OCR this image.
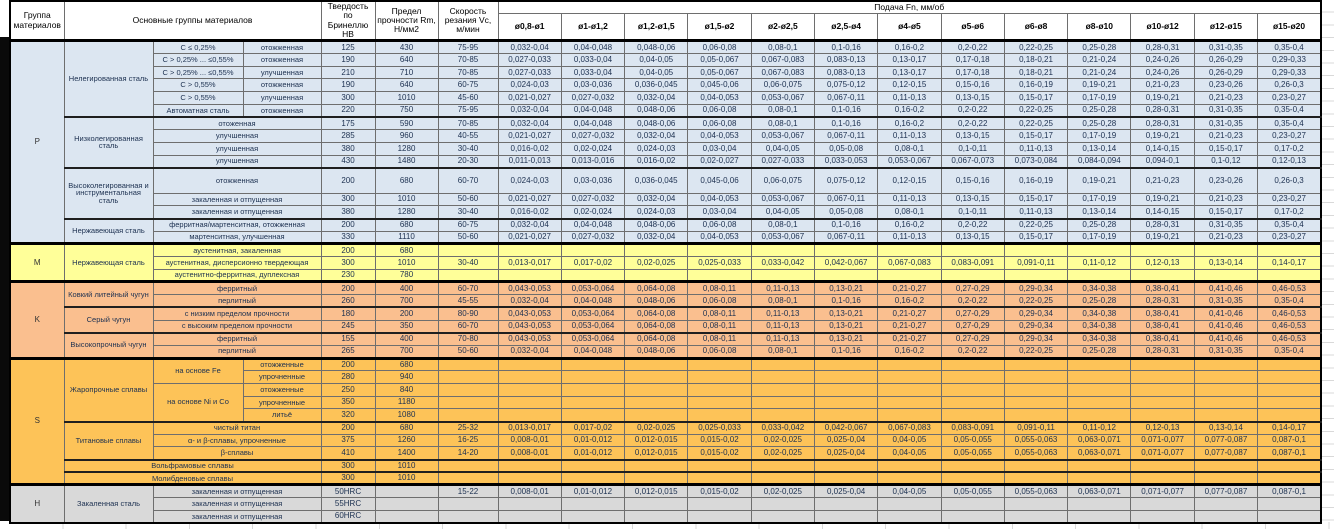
Группа материалов	Основные группы материалов			Твердость по Бринеллю HB	Предел прочности Rm, Н/мм2	Скорость резания Vc, м/мин	Подача Fn, мм/об												
							ø0,8-ø1	ø1-ø1,2	ø1,2-ø1,5	ø1,5-ø2	ø2-ø2,5	ø2,5-ø4	ø4-ø5	ø5-ø6	ø6-ø8	ø8-ø10	ø10-ø12	ø12-ø15	ø15-ø20
P	Нелегированная сталь	С ≤ 0,25%	отожженная	125	430	75-95	0,032-0,04	0,04-0,048	0,048-0,06	0,06-0,08	0,08-0,1	0,1-0,16	0,16-0,2	0,2-0,22	0,22-0,25	0,25-0,28	0,28-0,31	0,31-0,35	0,35-0,4
		С > 0,25% ... ≤0,55%	отожженная	190	640	70-85	0,027-0,033	0,033-0,04	0,04-0,05	0,05-0,067	0,067-0,083	0,083-0,13	0,13-0,17	0,17-0,18	0,18-0,21	0,21-0,24	0,24-0,26	0,26-0,29	0,29-0,33
		С > 0,25% ... ≤0,55%	улучшенная	210	710	70-85	0,027-0,033	0,033-0,04	0,04-0,05	0,05-0,067	0,067-0,083	0,083-0,13	0,13-0,17	0,17-0,18	0,18-0,21	0,21-0,24	0,24-0,26	0,26-0,29	0,29-0,33
		С > 0,55%	отожженная	190	640	60-75	0,024-0,03	0,03-0,036	0,036-0,045	0,045-0,06	0,06-0,075	0,075-0,12	0,12-0,15	0,15-0,16	0,16-0,19	0,19-0,21	0,21-0,23	0,23-0,26	0,26-0,3
		С > 0,55%	улучшенная	300	1010	45-60	0,021-0,027	0,027-0,032	0,032-0,04	0,04-0,053	0,053-0,067	0,067-0,11	0,11-0,13	0,13-0,15	0,15-0,17	0,17-0,19	0,19-0,21	0,21-0,23	0,23-0,27
		Автоматная сталь	отожженная	220	750	75-95	0,032-0,04	0,04-0,048	0,048-0,06	0,06-0,08	0,08-0,1	0,1-0,16	0,16-0,2	0,2-0,22	0,22-0,25	0,25-0,28	0,28-0,31	0,31-0,35	0,35-0,4
	Низколегированная сталь	отоженная		175	590	70-85	0,032-0,04	0,04-0,048	0,048-0,06	0,06-0,08	0,08-0,1	0,1-0,16	0,16-0,2	0,2-0,22	0,22-0,25	0,25-0,28	0,28-0,31	0,31-0,35	0,35-0,4
		улучшенная		285	960	40-55	0,021-0,027	0,027-0,032	0,032-0,04	0,04-0,053	0,053-0,067	0,067-0,11	0,11-0,13	0,13-0,15	0,15-0,17	0,17-0,19	0,19-0,21	0,21-0,23	0,23-0,27
		улучшенная		380	1280	30-40	0,016-0,02	0,02-0,024	0,024-0,03	0,03-0,04	0,04-0,05	0,05-0,08	0,08-0,1	0,1-0,11	0,11-0,13	0,13-0,14	0,14-0,15	0,15-0,17	0,17-0,2
		улучшенная		430	1480	20-30	0,011-0,013	0,013-0,016	0,016-0,02	0,02-0,027	0,027-0,033	0,033-0,053	0,053-0,067	0,067-0,073	0,073-0,084	0,084-0,094	0,094-0,1	0,1-0,12	0,12-0,13
	Высоколегированная и инструментальная сталь	отожженная		200	680	60-70	0,024-0,03	0,03-0,036	0,036-0,045	0,045-0,06	0,06-0,075	0,075-0,12	0,12-0,15	0,15-0,16	0,16-0,19	0,19-0,21	0,21-0,23	0,23-0,26	0,26-0,3
		закаленная и отпущенная		300	1010	50-60	0,021-0,027	0,027-0,032	0,032-0,04	0,04-0,053	0,053-0,067	0,067-0,11	0,11-0,13	0,13-0,15	0,15-0,17	0,17-0,19	0,19-0,21	0,21-0,23	0,23-0,27
		закаленная и отпущенная		380	1280	30-40	0,016-0,02	0,02-0,024	0,024-0,03	0,03-0,04	0,04-0,05	0,05-0,08	0,08-0,1	0,1-0,11	0,11-0,13	0,13-0,14	0,14-0,15	0,15-0,17	0,17-0,2
	Нержавеющая сталь	ферритная/мартенситная, отожженная		200	680	60-75	0,032-0,04	0,04-0,048	0,048-0,06	0,06-0,08	0,08-0,1	0,1-0,16	0,16-0,2	0,2-0,22	0,22-0,25	0,25-0,28	0,28-0,31	0,31-0,35	0,35-0,4
		мартенситная, улучшенная		330	1110	50-60	0,021-0,027	0,027-0,032	0,032-0,04	0,04-0,053	0,053-0,067	0,067-0,11	0,11-0,13	0,13-0,15	0,15-0,17	0,17-0,19	0,19-0,21	0,21-0,23	0,23-0,27
M	Нержавеющая сталь	аустенитная, закаленная		200	680														
		аустенитная, дисперсионно твердеющая		300	1010	30-40	0,013-0,017	0,017-0,02	0,02-0,025	0,025-0,033	0,033-0,042	0,042-0,067	0,067-0,083	0,083-0,091	0,091-0,11	0,11-0,12	0,12-0,13	0,13-0,14	0,14-0,17
		аустенитно-ферритная, дуплексная		230	780														
K	Ковкий литейный чугун	ферритный		200	400	60-70	0,043-0,053	0,053-0,064	0,064-0,08	0,08-0,11	0,11-0,13	0,13-0,21	0,21-0,27	0,27-0,29	0,29-0,34	0,34-0,38	0,38-0,41	0,41-0,46	0,46-0,53
		перлитный		260	700	45-55	0,032-0,04	0,04-0,048	0,048-0,06	0,06-0,08	0,08-0,1	0,1-0,16	0,16-0,2	0,2-0,22	0,22-0,25	0,25-0,28	0,28-0,31	0,31-0,35	0,35-0,4
	Серый чугун	с низким пределом прочности		180	200	80-90	0,043-0,053	0,053-0,064	0,064-0,08	0,08-0,11	0,11-0,13	0,13-0,21	0,21-0,27	0,27-0,29	0,29-0,34	0,34-0,38	0,38-0,41	0,41-0,46	0,46-0,53
		с высоким пределом прочности		245	350	60-70	0,043-0,053	0,053-0,064	0,064-0,08	0,08-0,11	0,11-0,13	0,13-0,21	0,21-0,27	0,27-0,29	0,29-0,34	0,34-0,38	0,38-0,41	0,41-0,46	0,46-0,53
	Высокопрочный чугун	ферритный		155	400	70-80	0,043-0,053	0,053-0,064	0,064-0,08	0,08-0,11	0,11-0,13	0,13-0,21	0,21-0,27	0,27-0,29	0,29-0,34	0,34-0,38	0,38-0,41	0,41-0,46	0,46-0,53
		перлитный		265	700	50-60	0,032-0,04	0,04-0,048	0,048-0,06	0,06-0,08	0,08-0,1	0,1-0,16	0,16-0,2	0,2-0,22	0,22-0,25	0,25-0,28	0,28-0,31	0,31-0,35	0,35-0,4
S	Жаропрочные сплавы	на основе Fe	отожженные	200	680														
			упрочненные	280	940														
		на основе Ni и Co	отожженные	250	840														
			упрочненные	350	1180														
			литьё	320	1080														
	Титановые сплавы	чистый титан		200	680	25-32	0,013-0,017	0,017-0,02	0,02-0,025	0,025-0,033	0,033-0,042	0,042-0,067	0,067-0,083	0,083-0,091	0,091-0,11	0,11-0,12	0,12-0,13	0,13-0,14	0,14-0,17
		α- и β-сплавы, упрочненные		375	1260	16-25	0,008-0,01	0,01-0,012	0,012-0,015	0,015-0,02	0,02-0,025	0,025-0,04	0,04-0,05	0,05-0,055	0,055-0,063	0,063-0,071	0,071-0,077	0,077-0,087	0,087-0,1
		β-сплавы		410	1400	14-20	0,008-0,01	0,01-0,012	0,012-0,015	0,015-0,02	0,02-0,025	0,025-0,04	0,04-0,05	0,05-0,055	0,055-0,063	0,063-0,071	0,071-0,077	0,077-0,087	0,087-0,1
	Вольфрамовые сплавы			300	1010														
	Молибденовые сплавы			300	1010														
H	Закаленная сталь	закаленная и отпущенная		50HRC		15-22	0,008-0,01	0,01-0,012	0,012-0,015	0,015-0,02	0,02-0,025	0,025-0,04	0,04-0,05	0,05-0,055	0,055-0,063	0,063-0,071	0,071-0,077	0,077-0,087	0,087-0,1
		закаленная и отпущенная		55HRC															
		закаленная и отпущенная		60HRC															
